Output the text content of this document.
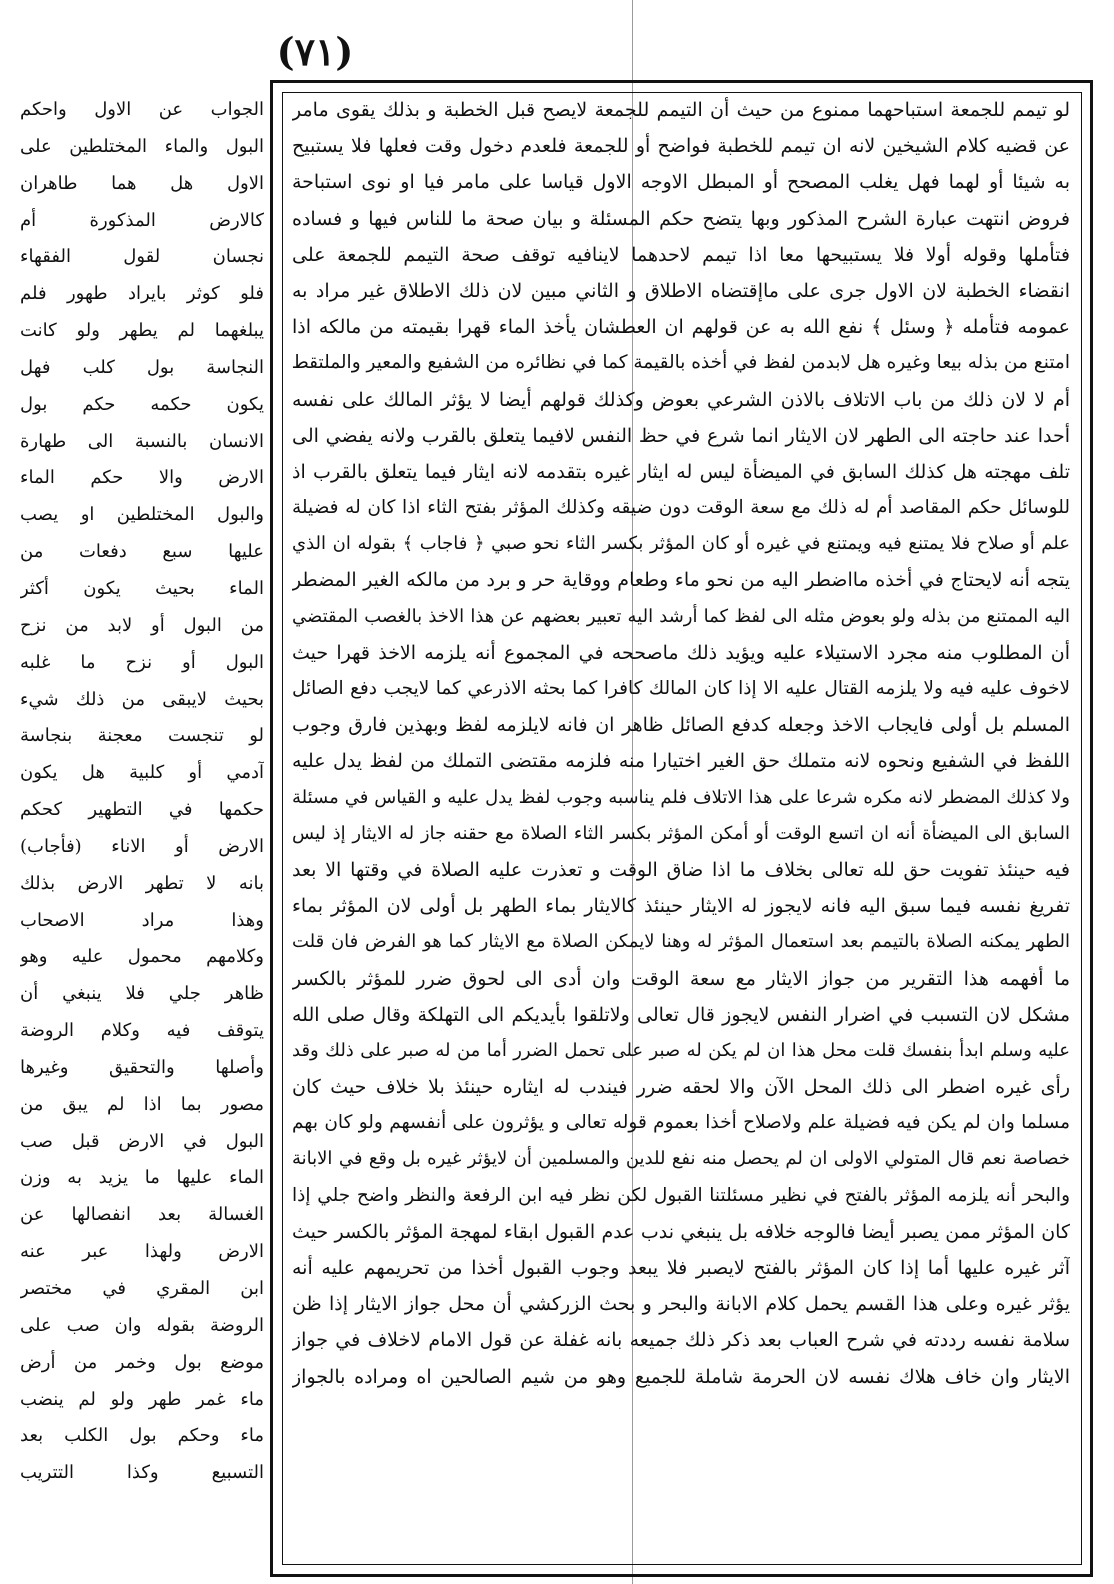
(٧١)
لو تيمم للجمعة استباحهما ممنوع من حيث أن التيمم للجمعة لايصح قبل الخطبة و بذلك يقوى مامر
عن قضيه كلام الشيخين لانه ان تيمم للخطبة فواضح أو للجمعة فلعدم دخول وقت فعلها فلا يستبيح
به شيئا أو لهما فهل يغلب المصحح أو المبطل الاوجه الاول قياسا على مامر فيا او نوى استباحة
فروض انتهت عبارة الشرح المذكور وبها يتضح حكم المسئلة و بيان صحة ما للناس فيها و فساده
فتأملها وقوله أولا فلا يستبيحها معا اذا تيمم لاحدهما لاينافيه توقف صحة التيمم للجمعة على
انقضاء الخطبة لان الاول جرى على ماإقتضاه الاطلاق و الثاني مبين لان ذلك الاطلاق غير مراد به
عمومه فتأمله ﴿ وسئل ﴾ نفع الله به عن قولهم ان العطشان يأخذ الماء قهرا بقيمته من مالكه اذا
امتنع من بذله بيعا وغيره هل لابدمن لفظ في أخذه بالقيمة كما في نظائره من الشفيع والمعير والملتقط
أم لا لان ذلك من باب الاتلاف بالاذن الشرعي بعوض وكذلك قولهم أيضا لا يؤثر المالك على نفسه
أحدا عند حاجته الى الطهر لان الايثار انما شرع في حظ النفس لافيما يتعلق بالقرب ولانه يفضي الى
تلف مهجته هل كذلك السابق في الميضأة ليس له ايثار غيره بتقدمه لانه ايثار فيما يتعلق بالقرب اذ
للوسائل حكم المقاصد أم له ذلك مع سعة الوقت دون ضيقه وكذلك المؤثر بفتح الثاء اذا كان له فضيلة
علم أو صلاح فلا يمتنع فيه ويمتنع في غيره أو كان المؤثر بكسر الثاء نحو صبي ﴿ فاجاب ﴾ بقوله ان الذي
يتجه أنه لايحتاج في أخذه مااضطر اليه من نحو ماء وطعام ووقاية حر و برد من مالكه الغير المضطر
اليه الممتنع من بذله ولو بعوض مثله الى لفظ كما أرشد اليه تعبير بعضهم عن هذا الاخذ بالغصب المقتضي
أن المطلوب منه مجرد الاستيلاء عليه ويؤيد ذلك ماصححه في المجموع أنه يلزمه الاخذ قهرا حيث
لاخوف عليه فيه ولا يلزمه القتال عليه الا إذا كان المالك كافرا كما بحثه الاذرعي كما لايجب دفع الصائل
المسلم بل أولى فايجاب الاخذ وجعله كدفع الصائل ظاهر ان فانه لايلزمه لفظ وبهذين فارق وجوب
اللفظ في الشفيع ونحوه لانه متملك حق الغير اختيارا منه فلزمه مقتضى التملك من لفظ يدل عليه
ولا كذلك المضطر لانه مكره شرعا على هذا الاتلاف فلم يناسبه وجوب لفظ يدل عليه و القياس في مسئلة
السابق الى الميضأة أنه ان اتسع الوقت أو أمكن المؤثر بكسر الثاء الصلاة مع حقنه جاز له الايثار إذ ليس
فيه حينئذ تفويت حق لله تعالى بخلاف ما اذا ضاق الوقت و تعذرت عليه الصلاة في وقتها الا بعد
تفريغ نفسه فيما سبق اليه فانه لايجوز له الايثار حينئذ كالايثار بماء الطهر بل أولى لان المؤثر بماء
الطهر يمكنه الصلاة بالتيمم بعد استعمال المؤثر له وهنا لايمكن الصلاة مع الايثار كما هو الفرض فان قلت
ما أفهمه هذا التقرير من جواز الايثار مع سعة الوقت وان أدى الى لحوق ضرر للمؤثر بالكسر
مشكل لان التسبب في اضرار النفس لايجوز قال تعالى ولاتلقوا بأيديكم الى التهلكة وقال صلى الله
عليه وسلم ابدأ بنفسك قلت محل هذا ان لم يكن له صبر على تحمل الضرر أما من له صبر على ذلك وقد
رأى غيره اضطر الى ذلك المحل الآن والا لحقه ضرر فيندب له ايثاره حينئذ بلا خلاف حيث كان
مسلما وان لم يكن فيه فضيلة علم ولاصلاح أخذا بعموم قوله تعالى و يؤثرون على أنفسهم ولو كان بهم
خصاصة نعم قال المتولي الاولى ان لم يحصل منه نفع للدين والمسلمين أن لايؤثر غيره بل وقع في الابانة
والبحر أنه يلزمه المؤثر بالفتح في نظير مسئلتنا القبول لكن نظر فيه ابن الرفعة والنظر واضح جلي إذا
كان المؤثر ممن يصبر أيضا فالوجه خلافه بل ينبغي ندب عدم القبول ابقاء لمهجة المؤثر بالكسر حيث
آثر غيره عليها أما إذا كان المؤثر بالفتح لايصبر فلا يبعد وجوب القبول أخذا من تحريمهم عليه أنه
يؤثر غيره وعلى هذا القسم يحمل كلام الابانة والبحر و بحث الزركشي أن محل جواز الايثار إذا ظن
سلامة نفسه رددته في شرح العباب بعد ذكر ذلك جميعه بانه غفلة عن قول الامام لاخلاف في جواز
الايثار وان خاف هلاك نفسه لان الحرمة شاملة للجميع وهو من شيم الصالحين اه ومراده بالجواز
الجواب عن الاول واحكم
البول والماء المختلطين على
الاول هل هما طاهران
كالارض المذكورة أم
نجسان لقول الفقهاء
فلو كوثر بايراد طهور فلم
يبلغهما لم يطهر ولو كانت
النجاسة بول كلب فهل
يكون حكمه حكم بول
الانسان بالنسبة الى طهارة
الارض والا حكم الماء
والبول المختلطين او يصب
عليها سبع دفعات من
الماء بحيث يكون أكثر
من البول أو لابد من نزح
البول أو نزح ما غلبه
بحيث لايبقى من ذلك شيء
لو تنجست معجنة بنجاسة
آدمي أو كلبية هل يكون
حكمها في التطهير كحكم
الارض أو الاناء (فأجاب)
بانه لا تطهر الارض بذلك
وهذا مراد الاصحاب
وكلامهم محمول عليه وهو
ظاهر جلي فلا ينبغي أن
يتوقف فيه وكلام الروضة
وأصلها والتحقيق وغيرها
مصور بما اذا لم يبق من
البول في الارض قبل صب
الماء عليها ما يزيد به وزن
الغسالة بعد انفصالها عن
الارض ولهذا عبر عنه
ابن المقري في مختصر
الروضة بقوله وان صب على
موضع بول وخمر من أرض
ماء غمر طهر ولو لم ينضب
ماء وحكم بول الكلب بعد
التسبيع وكذا التتريب
